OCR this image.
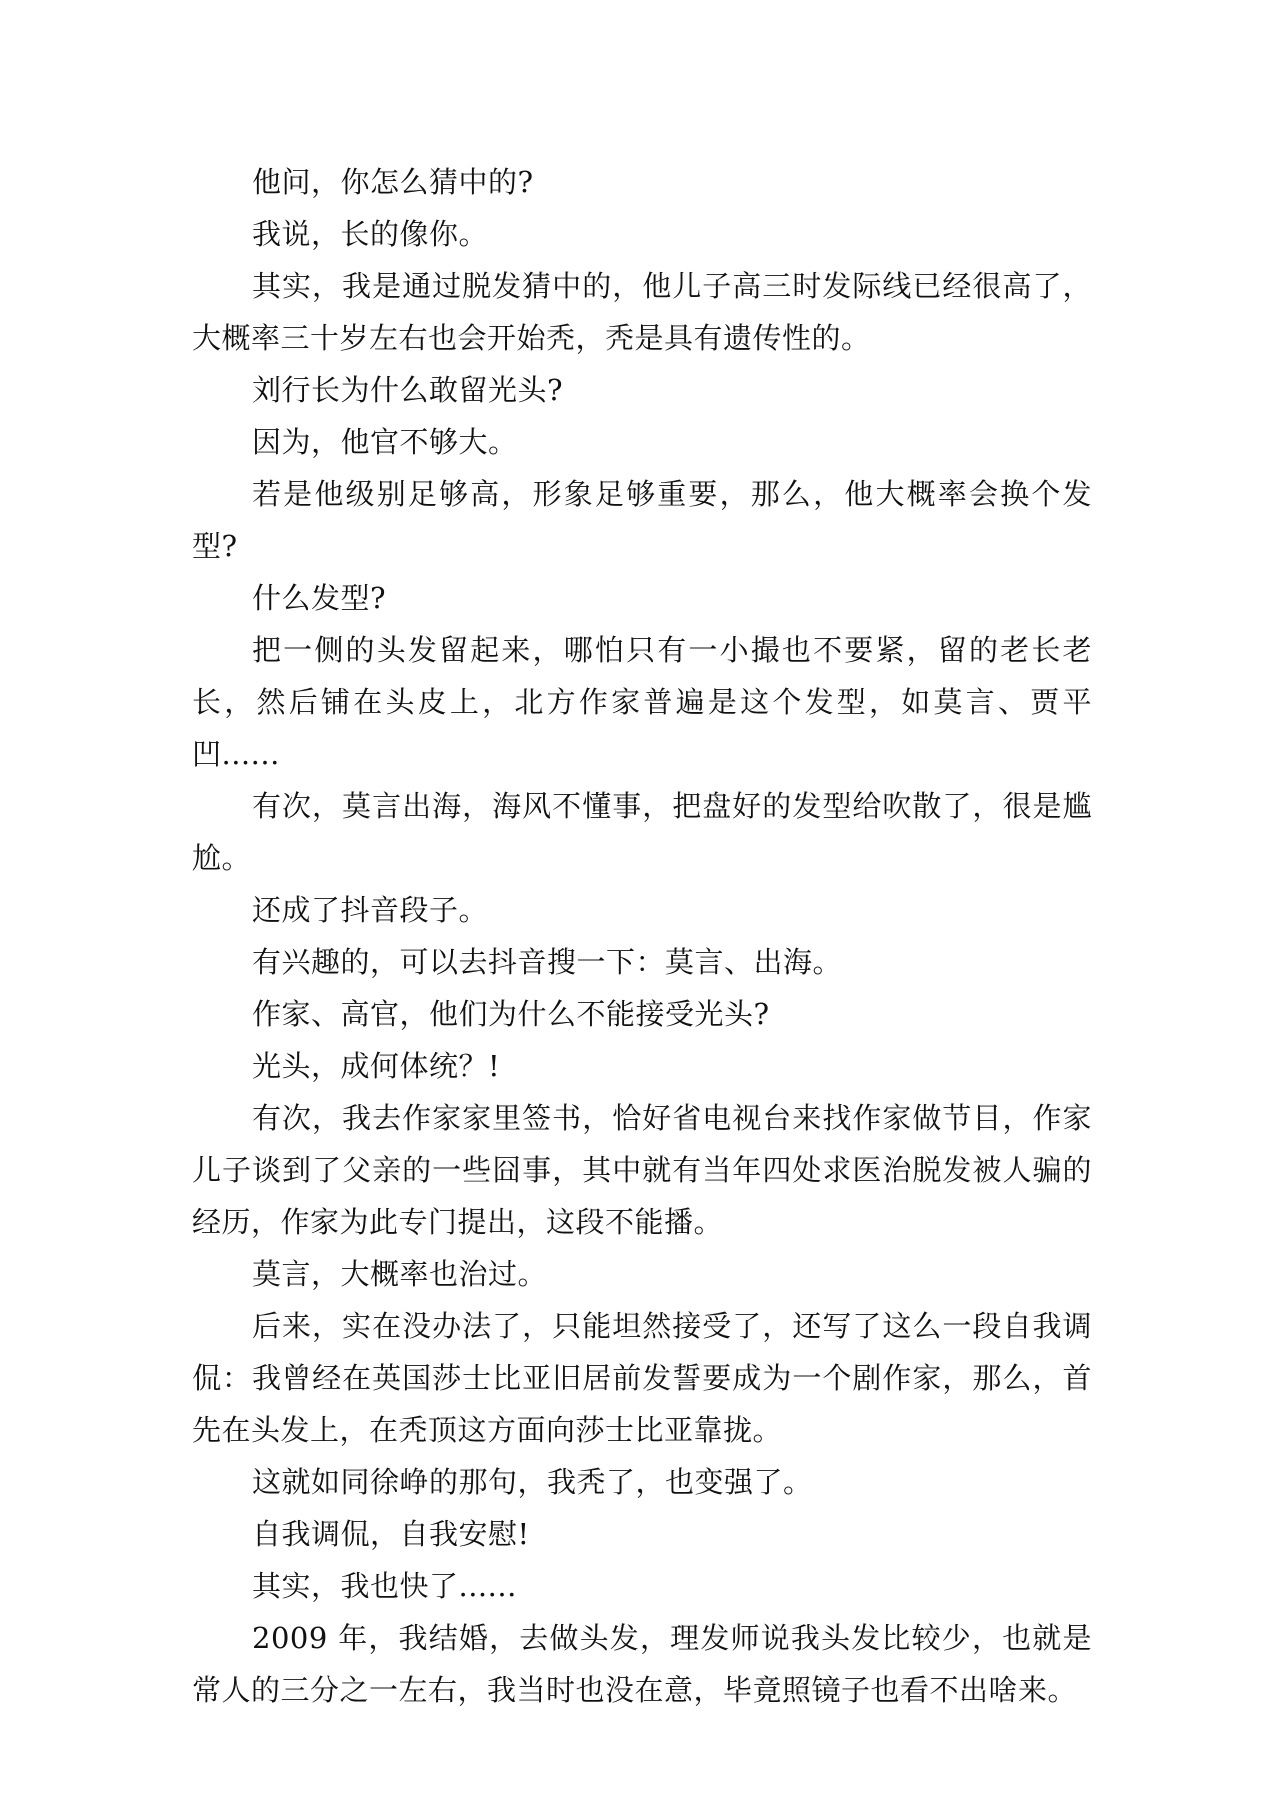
他问，你怎么猜中的?

我说，长的像你。

其实，我是通过脱发猜中的，他儿子高三时发际线已经很高了，大概率三十岁左右也会开始秃，秃是具有遗传性的。

刘行长为什么敢留光头?

因为，他官不够大。

若是他级别足够高，形象足够重要，那么，他大概率会换个发型?

什么发型?

把一侧的头发留起来，哪怕只有一小撮也不要紧，留的老长老长，然后铺在头皮上，北方作家普遍是这个发型，如莫言、贾平凹......

有次，莫言出海，海风不懂事，把盘好的发型给吹散了，很是尴尬。

还成了抖音段子。

有兴趣的，可以去抖音搜一下：莫言、出海。

作家、高官，他们为什么不能接受光头?

光头，成何体统？!

有次，我去作家家里签书，恰好省电视台来找作家做节目，作家儿子谈到了父亲的一些囧事，其中就有当年四处求医治脱发被人骗的经历，作家为此专门提出，这段不能播。

莫言，大概率也治过。

后来，实在没办法了，只能坦然接受了，还写了这么一段自我调侃：我曾经在英国莎士比亚旧居前发誓要成为一个剧作家，那么，首先在头发上，在秃顶这方面向莎士比亚靠拢。

这就如同徐峥的那句，我秃了，也变强了。

自我调侃，自我安慰!

其实，我也快了......

2009 年，我结婚，去做头发，理发师说我头发比较少，也就是常人的三分之一左右，我当时也没在意，毕竟照镜子也看不出啥来。
